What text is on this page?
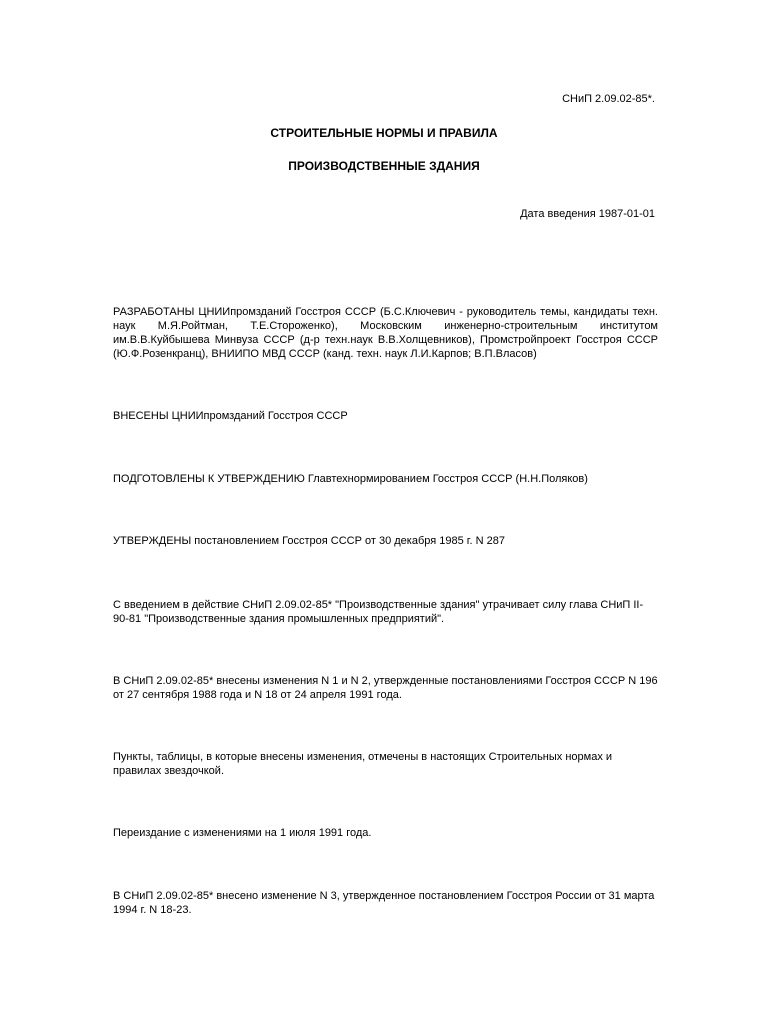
СНиП 2.09.02-85*.
СТРОИТЕЛЬНЫЕ НОРМЫ И ПРАВИЛА
ПРОИЗВОДСТВЕННЫЕ ЗДАНИЯ
Дата введения 1987-01-01

РАЗРАБОТАНЫ ЦНИИпромзданий Госстроя СССР (Б.С.Ключевич - руководитель темы, кандидаты техн. наук М.Я.Ройтман, Т.Е.Стороженко), Московским инженерно-строительным институтом им.В.В.Куйбышева Минвуза СССР (д-р техн.наук В.В.Холщевников), Промстройпроект Госстроя СССР (Ю.Ф.Розенкранц), ВНИИПО МВД СССР (канд. техн. наук Л.И.Карпов; В.П.Власов)

ВНЕСЕНЫ ЦНИИпромзданий Госстроя СССР

ПОДГОТОВЛЕНЫ К УТВЕРЖДЕНИЮ Главтехнормированием Госстроя СССР (Н.Н.Поляков)

УТВЕРЖДЕНЫ постановлением Госстроя СССР от 30 декабря 1985 г. N 287

С введением в действие СНиП 2.09.02-85* "Производственные здания" утрачивает силу глава СНиП II-90-81 "Производственные здания промышленных предприятий".

В СНиП 2.09.02-85* внесены изменения N 1 и N 2, утвержденные постановлениями Госстроя СССР N 196 от 27 сентября 1988 года и N 18 от 24 апреля 1991 года.

Пункты, таблицы, в которые внесены изменения, отмечены в настоящих Строительных нормах и правилах звездочкой.

Переиздание с изменениями на 1 июля 1991 года.

В СНиП 2.09.02-85* внесено изменение N 3, утвержденное постановлением Госстроя России от 31 марта 1994 г. N 18-23.
